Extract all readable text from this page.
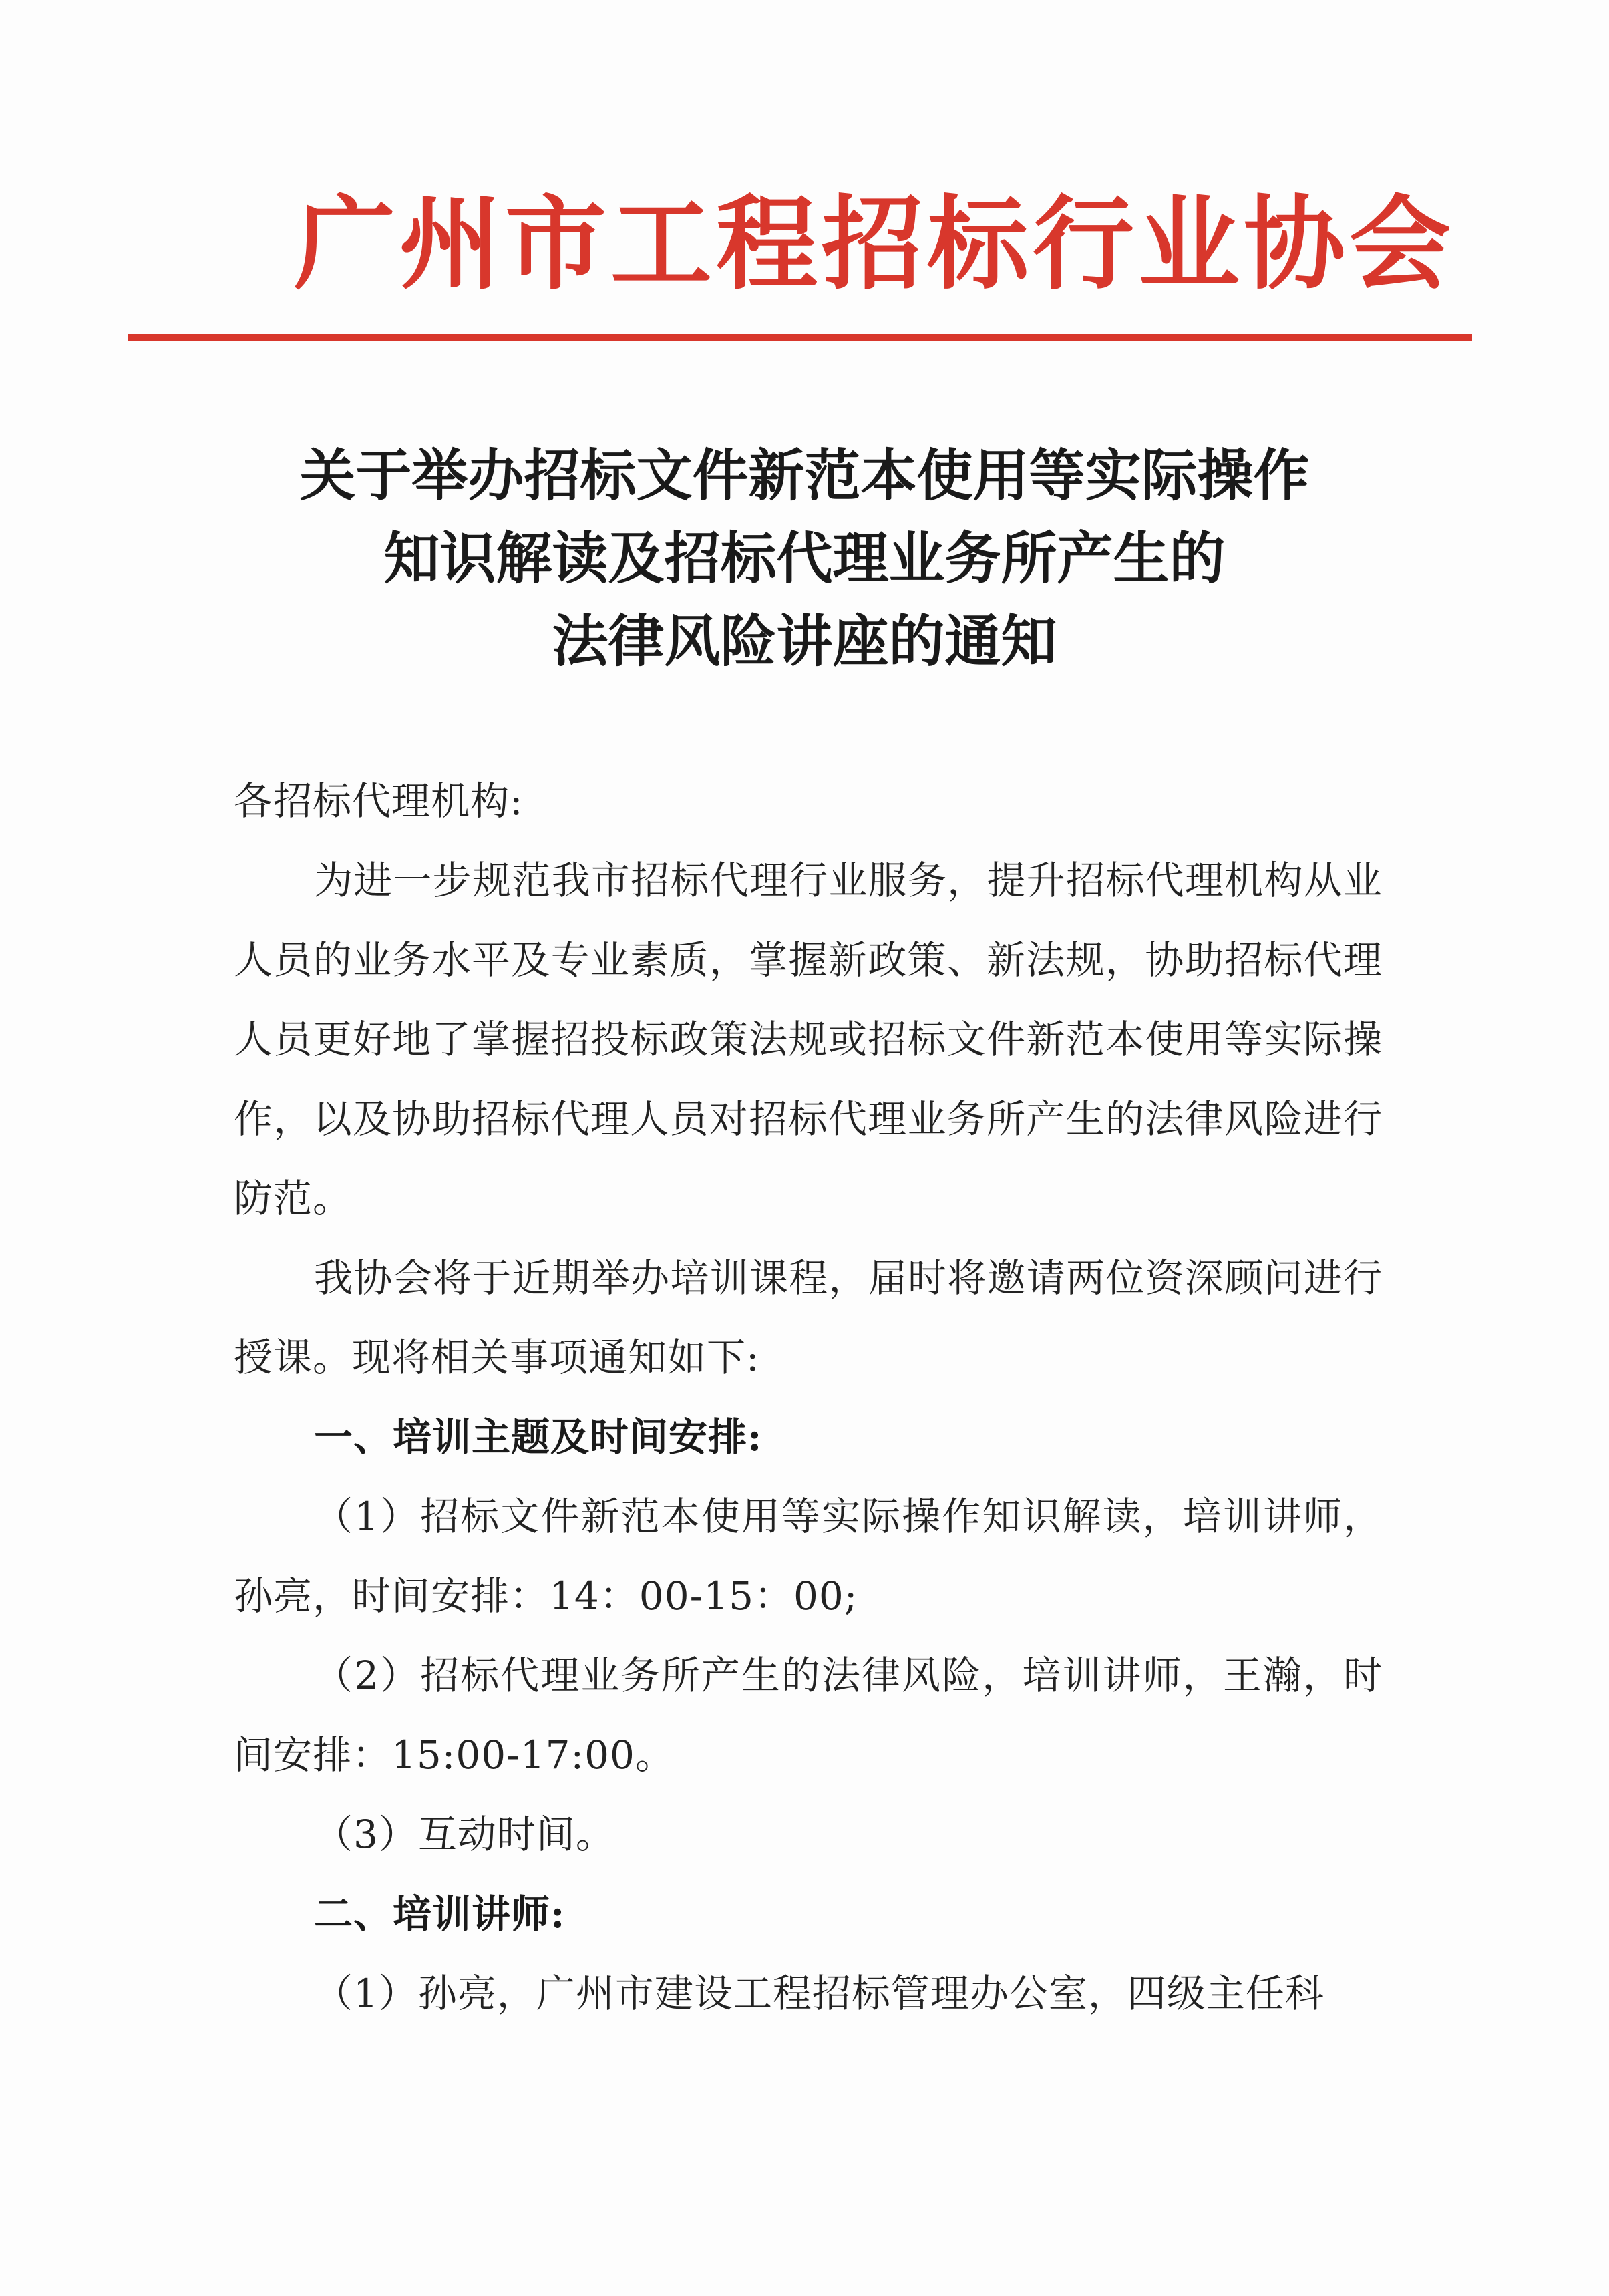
广州市工程招标行业协会
关于举办招标文件新范本使用等实际操作
知识解读及招标代理业务所产生的
法律风险讲座的通知

各招标代理机构:

为进一步规范我市招标代理行业服务，提升招标代理机构从业人员的业务水平及专业素质，掌握新政策、新法规，协助招标代理人员更好地了掌握招投标政策法规或招标文件新范本使用等实际操作，以及协助招标代理人员对招标代理业务所产生的法律风险进行防范。

我协会将于近期举办培训课程，届时将邀请两位资深顾问进行授课。现将相关事项通知如下:

一、培训主题及时间安排:

（1）招标文件新范本使用等实际操作知识解读，培训讲师，孙亮，时间安排：14：00-15：00;

（2）招标代理业务所产生的法律风险，培训讲师，王瀚，时间安排：15:00-17:00。

（3）互动时间。

二、培训讲师:

（1）孙亮，广州市建设工程招标管理办公室，四级主任科
